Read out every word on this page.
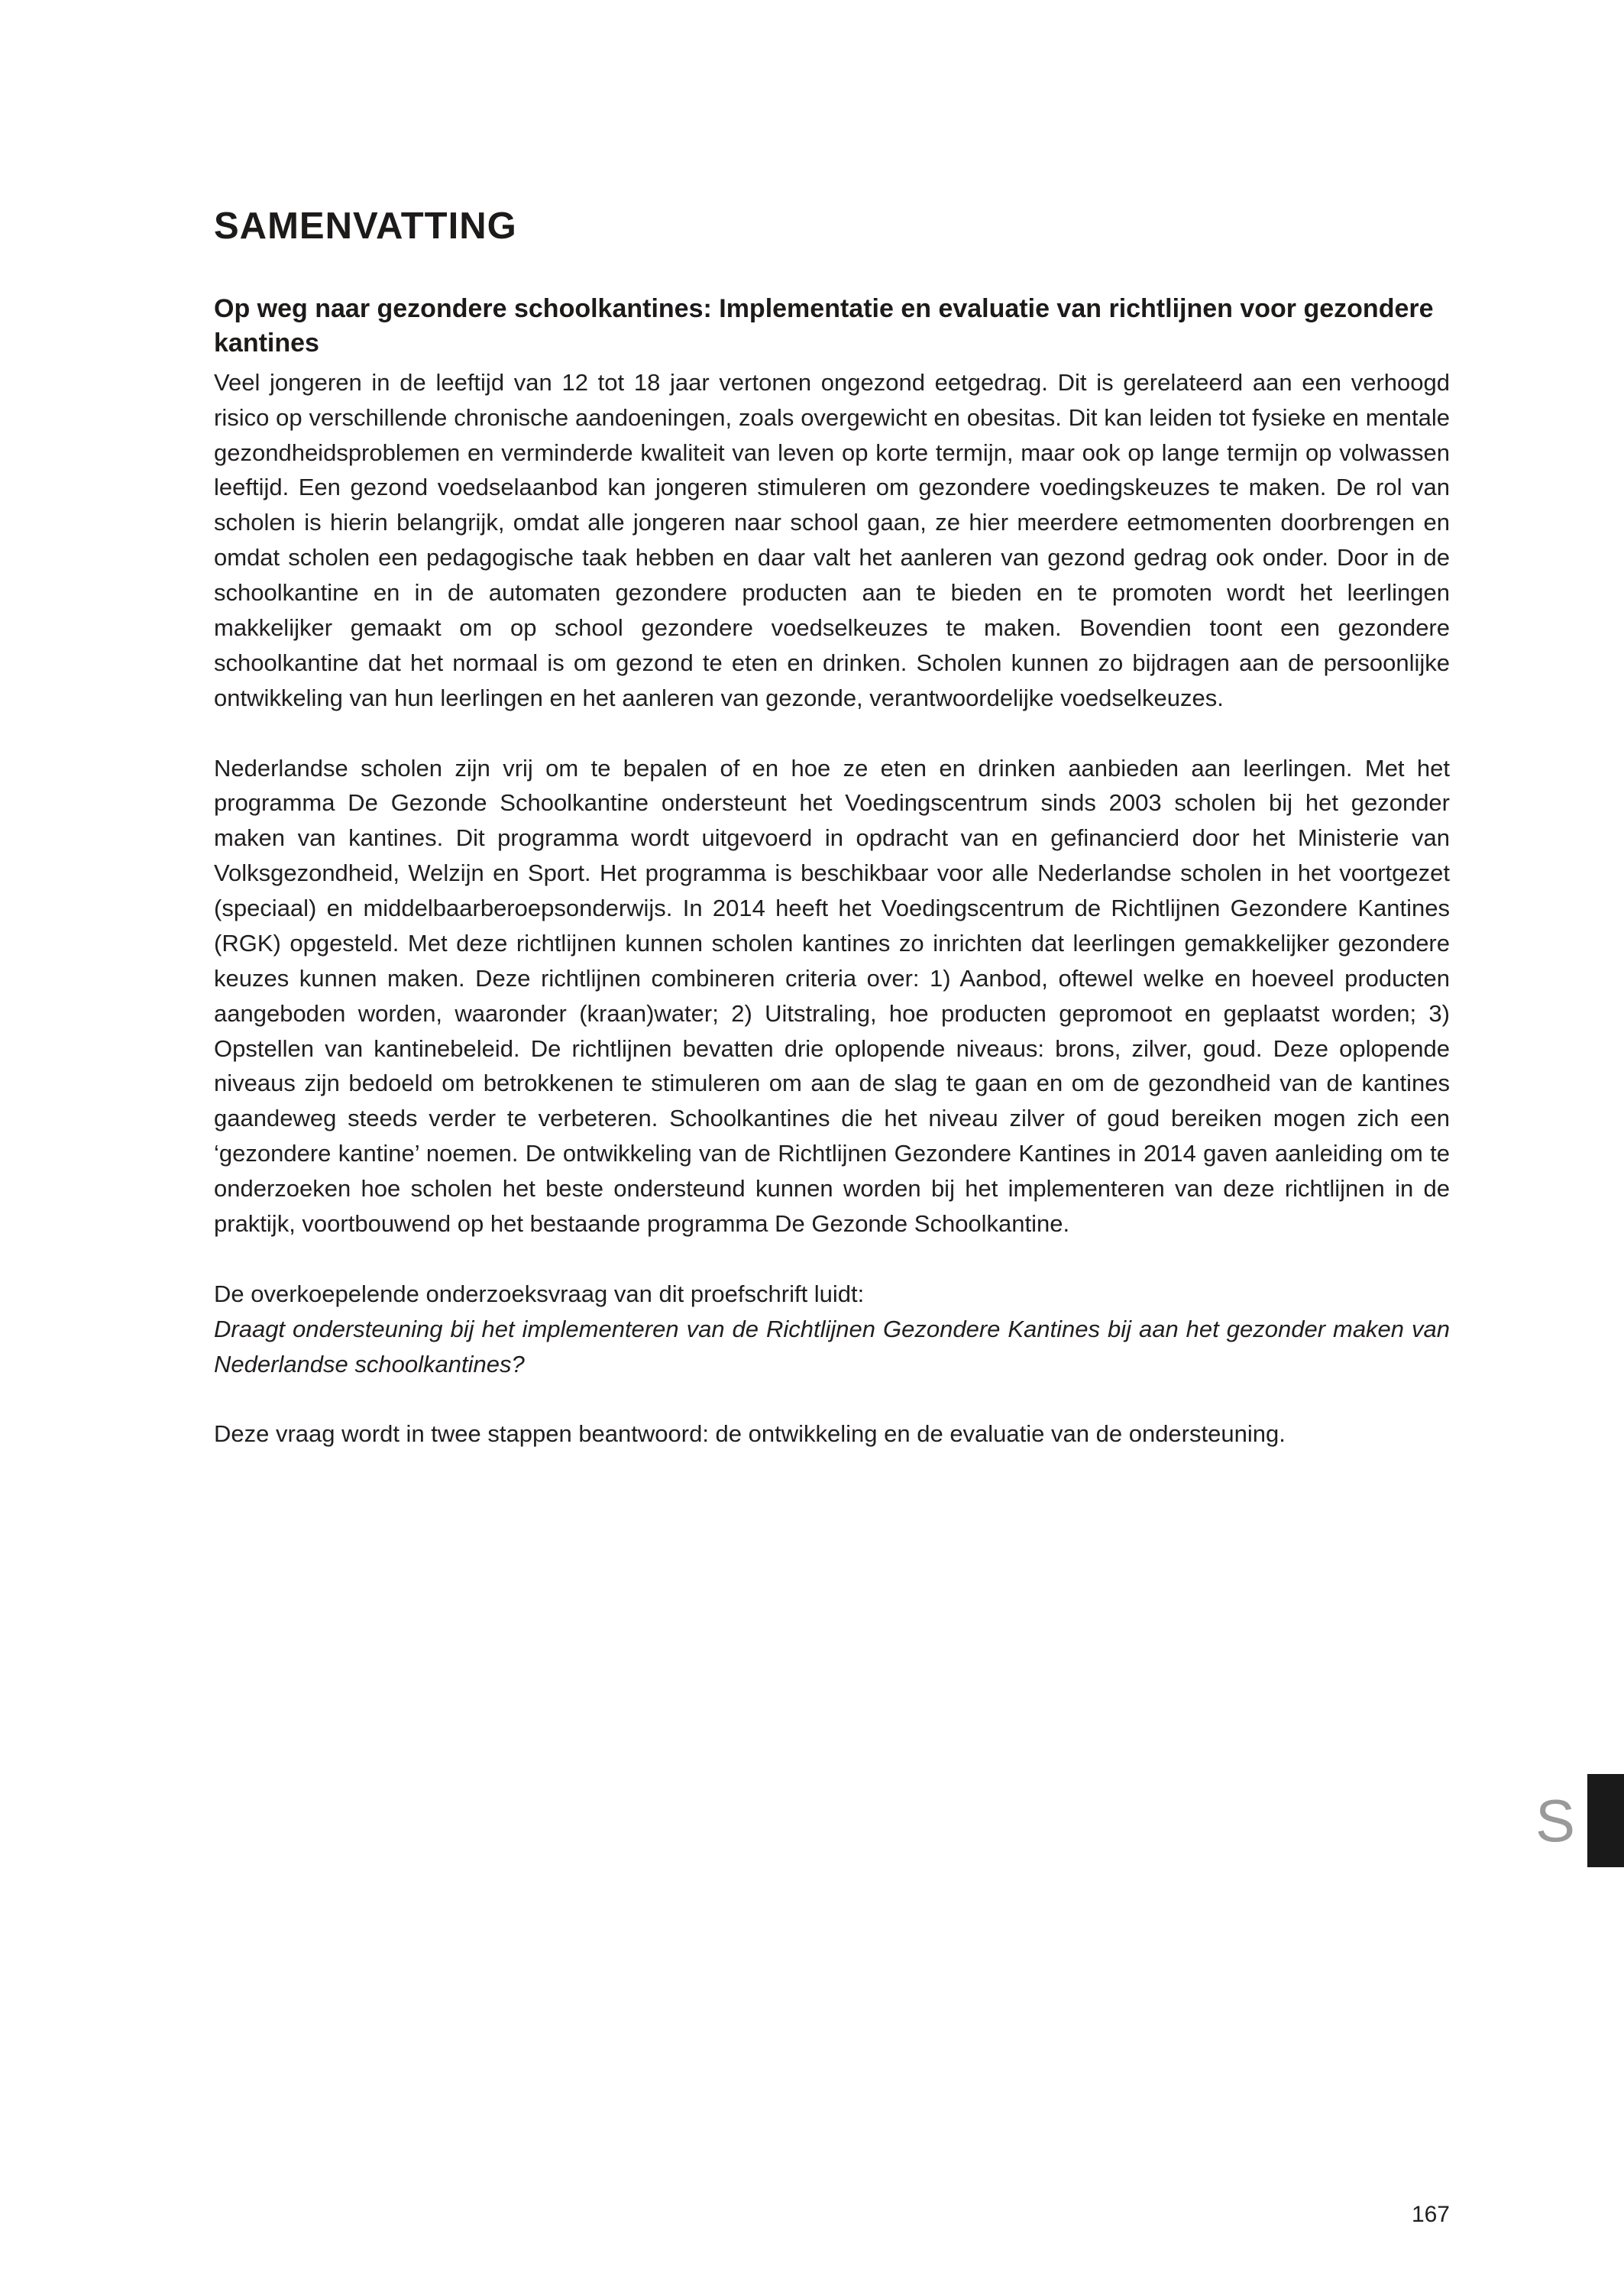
SAMENVATTING
Op weg naar gezondere schoolkantines: Implementatie en evaluatie van richtlijnen voor gezondere kantines

Veel jongeren in de leeftijd van 12 tot 18 jaar vertonen ongezond eetgedrag. Dit is gerelateerd aan een verhoogd risico op verschillende chronische aandoeningen, zoals overgewicht en obesitas. Dit kan leiden tot fysieke en mentale gezondheidsproblemen en verminderde kwaliteit van leven op korte termijn, maar ook op lange termijn op volwassen leeftijd. Een gezond voedselaanbod kan jongeren stimuleren om gezondere voedingskeuzes te maken. De rol van scholen is hierin belangrijk, omdat alle jongeren naar school gaan, ze hier meerdere eetmomenten doorbrengen en omdat scholen een pedagogische taak hebben en daar valt het aanleren van gezond gedrag ook onder. Door in de schoolkantine en in de automaten gezondere producten aan te bieden en te promoten wordt het leerlingen makkelijker gemaakt om op school gezondere voedselkeuzes te maken. Bovendien toont een gezondere schoolkantine dat het normaal is om gezond te eten en drinken. Scholen kunnen zo bijdragen aan de persoonlijke ontwikkeling van hun leerlingen en het aanleren van gezonde, verantwoordelijke voedselkeuzes.

Nederlandse scholen zijn vrij om te bepalen of en hoe ze eten en drinken aanbieden aan leerlingen. Met het programma De Gezonde Schoolkantine ondersteunt het Voedingscentrum sinds 2003 scholen bij het gezonder maken van kantines. Dit programma wordt uitgevoerd in opdracht van en gefinancierd door het Ministerie van Volksgezondheid, Welzijn en Sport. Het programma is beschikbaar voor alle Nederlandse scholen in het voortgezet (speciaal) en middelbaarberoepsonderwijs. In 2014 heeft het Voedingscentrum de Richtlijnen Gezondere Kantines (RGK) opgesteld. Met deze richtlijnen kunnen scholen kantines zo inrichten dat leerlingen gemakkelijker gezondere keuzes kunnen maken. Deze richtlijnen combineren criteria over: 1) Aanbod, oftewel welke en hoeveel producten aangeboden worden, waaronder (kraan)water; 2) Uitstraling, hoe producten gepromoot en geplaatst worden; 3) Opstellen van kantinebeleid. De richtlijnen bevatten drie oplopende niveaus: brons, zilver, goud. Deze oplopende niveaus zijn bedoeld om betrokkenen te stimuleren om aan de slag te gaan en om de gezondheid van de kantines gaandeweg steeds verder te verbeteren. Schoolkantines die het niveau zilver of goud bereiken mogen zich een ‘gezondere kantine’ noemen. De ontwikkeling van de Richtlijnen Gezondere Kantines in 2014 gaven aanleiding om te onderzoeken hoe scholen het beste ondersteund kunnen worden bij het implementeren van deze richtlijnen in de praktijk, voortbouwend op het bestaande programma De Gezonde Schoolkantine.

De overkoepelende onderzoeksvraag van dit proefschrift luidt:

Draagt ondersteuning bij het implementeren van de Richtlijnen Gezondere Kantines bij aan het gezonder maken van Nederlandse schoolkantines?

Deze vraag wordt in twee stappen beantwoord: de ontwikkeling en de evaluatie van de ondersteuning.

S
167
